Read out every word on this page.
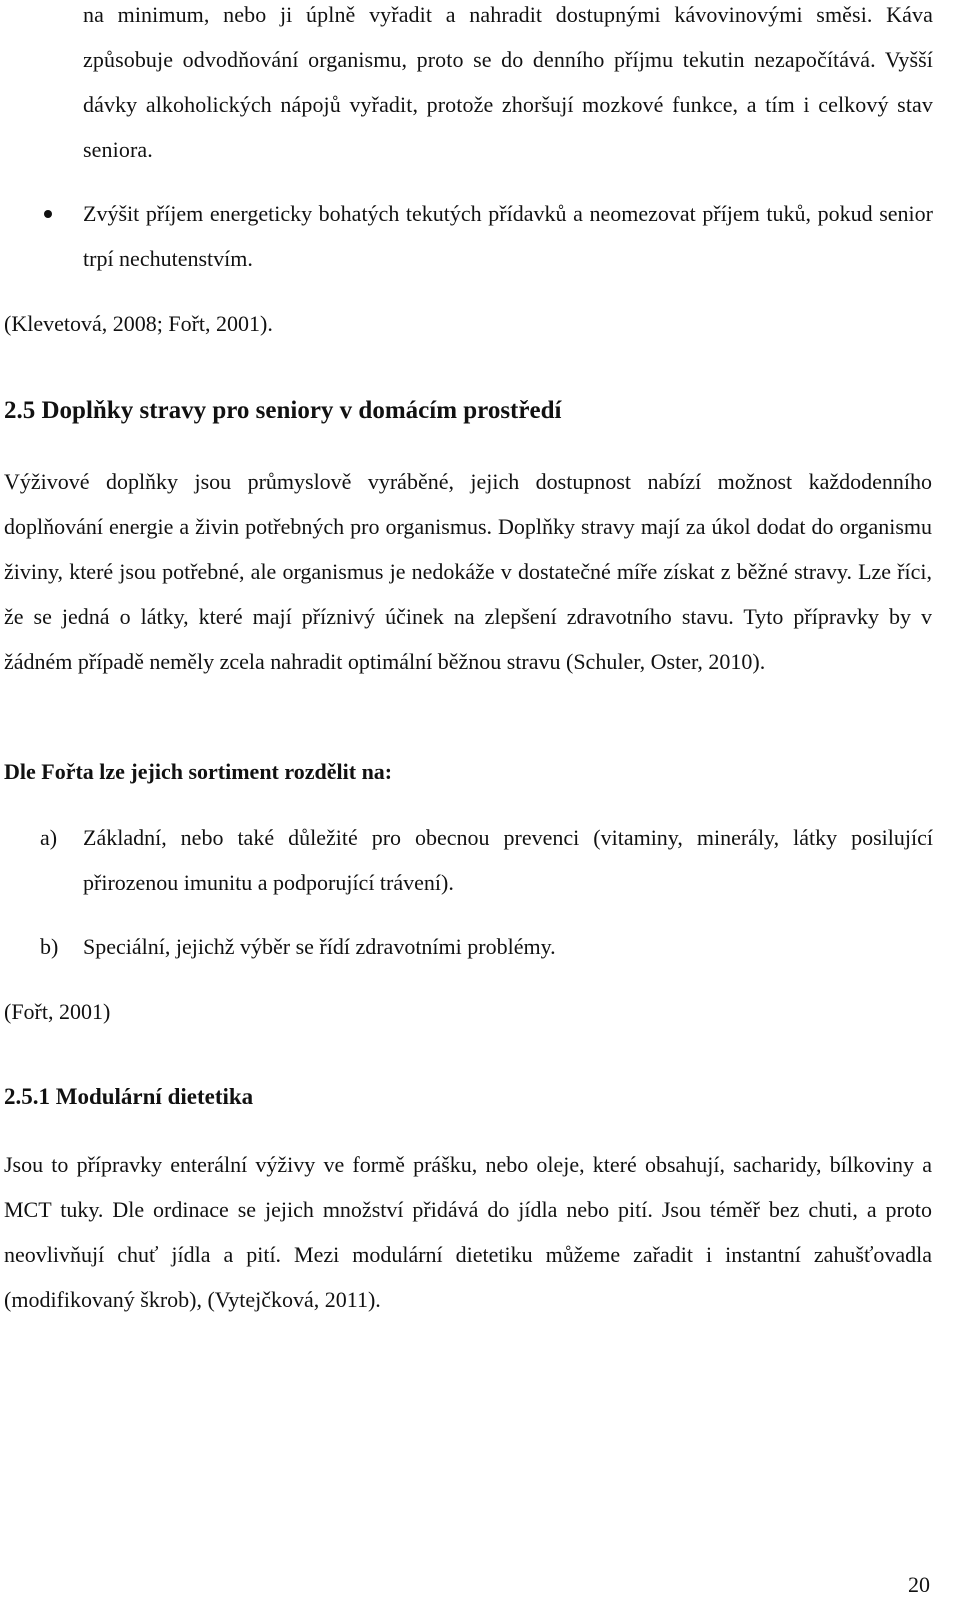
na minimum, nebo ji úplně vyřadit a nahradit dostupnými kávovinovými směsi. Káva způsobuje odvodňování organismu, proto se do denního příjmu tekutin nezapočítává. Vyšší dávky alkoholických nápojů vyřadit, protože zhoršují mozkové funkce, a tím i celkový stav seniora.

Zvýšit příjem energeticky bohatých tekutých přídavků a neomezovat příjem tuků, pokud senior trpí nechutenstvím.

(Klevetová, 2008; Fořt, 2001).

2.5 Doplňky stravy pro seniory v domácím prostředí

Výživové doplňky jsou průmyslově vyráběné, jejich dostupnost nabízí možnost každodenního doplňování energie a živin potřebných pro organismus. Doplňky stravy mají za úkol dodat do organismu živiny, které jsou potřebné, ale organismus je nedokáže v dostatečné míře získat z běžné stravy. Lze říci, že se jedná o látky, které mají příznivý účinek na zlepšení zdravotního stavu. Tyto přípravky by v žádném případě neměly zcela nahradit optimální běžnou stravu (Schuler, Oster, 2010).

Dle Fořta lze jejich sortiment rozdělit na:
a) Základní, nebo také důležité pro obecnou prevenci (vitaminy, minerály, látky posilující přirozenou imunitu a podporující trávení).

b) Speciální, jejichž výběr se řídí zdravotními problémy.

(Fořt, 2001)

2.5.1 Modulární dietetika

Jsou to přípravky enterální výživy ve formě prášku, nebo oleje, které obsahují, sacharidy, bílkoviny a MCT tuky. Dle ordinace se jejich množství přidává do jídla nebo pití. Jsou téměř bez chuti, a proto neovlivňují chuť jídla a pití. Mezi modulární dietetiku můžeme zařadit i instantní zahušťovadla (modifikovaný škrob), (Vytejčková, 2011).

20
